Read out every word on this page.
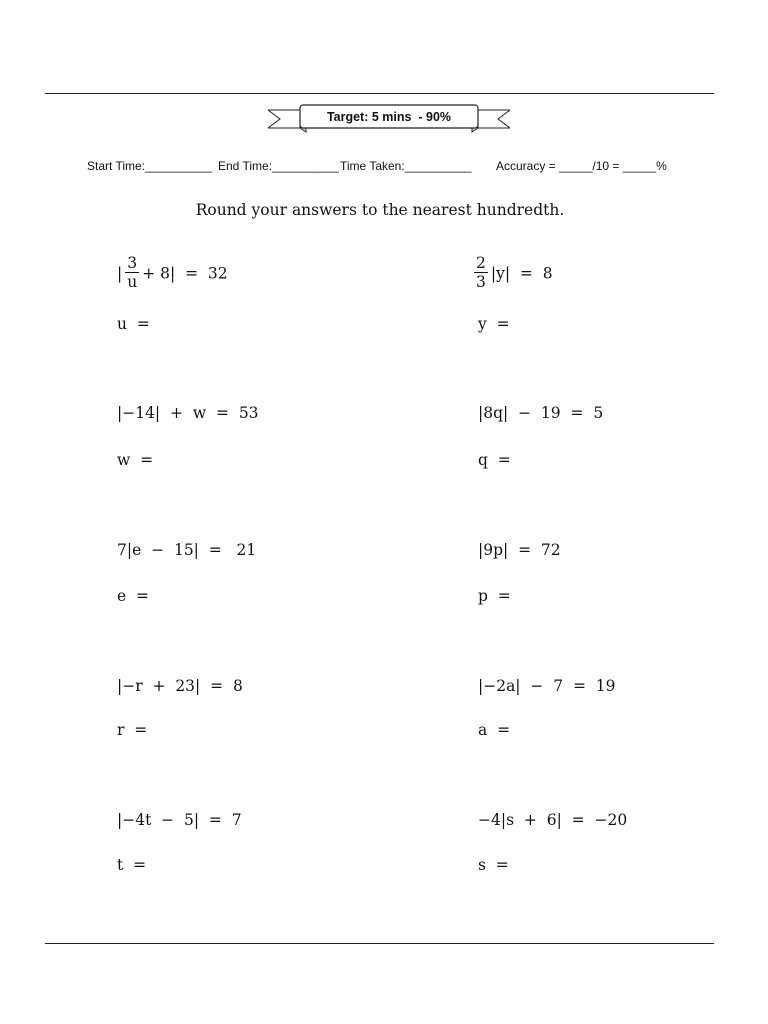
Target: 5 mins  - 90%
Start Time:__________ End Time:__________ Time Taken:__________ Accuracy = _____/10 = _____%
Round your answers to the nearest hundredth.
| $\frac{3}{u} + 8| = 32$
u  =
$\frac{2}{3} |y| = 8$
y  =
|−14|  +  w  =  53
w  =
|8q|  −  19  =  5
q  =
7|e  −  15|  =   21
e  =
|9p|  =  72
p  =
|−r  +  23|  =  8
r  =
|−2a|  −  7  =  19
a  =
|−4t  −  5|  =  7
t  =
−4|s  +  6|  =  −20
s  =
